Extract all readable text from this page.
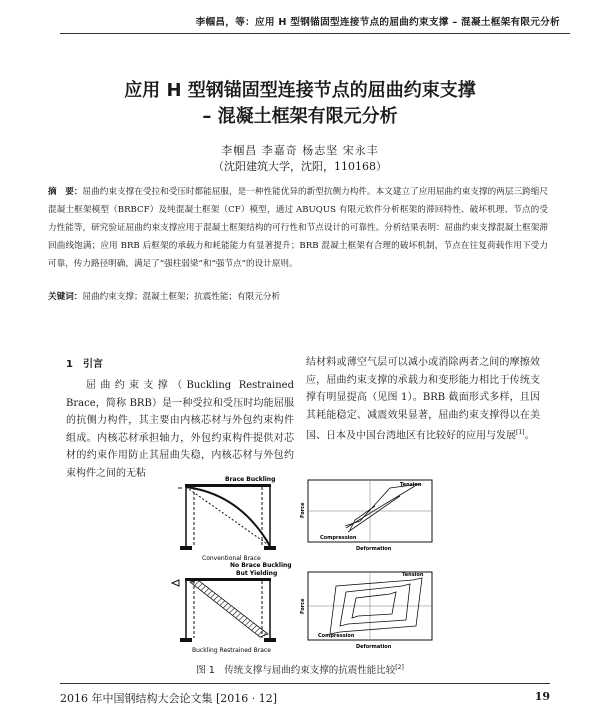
李帼昌，等：应用 H 型钢锚固型连接节点的屈曲约束支撑 – 混凝土框架有限元分析
应用 H 型钢锚固型连接节点的屈曲约束支撑
– 混凝土框架有限元分析
李帼昌 李嘉奇 杨志坚 宋永丰
（沈阳建筑大学，沈阳，110168）
摘　要：屈曲约束支撑在受拉和受压时都能屈服，是一种性能优异的新型抗侧力构件。本文建立了应用屈曲约束支撑的两层三跨缩尺混凝土框架模型（BRBCF）及纯混凝土框架（CF）模型，通过 ABUQUS 有限元软件分析框架的滞回特性、破坏机理、节点的受力性能等，研究验证屈曲约束支撑应用于混凝土框架结构的可行性和节点设计的可靠性。分析结果表明：屈曲约束支撑混凝土框架滞回曲线饱满；应用 BRB 后框架的承载力和耗能能力有显著提升；BRB 混凝土框架有合理的破坏机制，节点在往复荷载作用下受力可靠，传力路径明确，满足了“强柱弱梁”和“强节点”的设计原则。
关键词：屈曲约束支撑；混凝土框架；抗震性能；有限元分析
1　引言
屈曲约束支撑（Buckling Restrained Brace，简称 BRB）是一种受拉和受压时均能屈服的抗侧力构件，其主要由内核芯材与外包约束构件组成。内核芯材承担轴力，外包约束构件提供对芯材的约束作用防止其屈曲失稳，内核芯材与外包约束构件之间的无粘
结材料或薄空气层可以减小或消除两者之间的摩擦效应，屈曲约束支撑的承载力和变形能力相比于传统支撑有明显提高（见图 1）。BRB 截面形式多样，且因其耗能稳定、减震效果显著，屈曲约束支撑得以在美国、日本及中国台湾地区有比较好的应用与发展[1]。
Brace Buckling
Conventional Brace
Tension
Compression
Force
Deformation
No Brace Buckling
But Yielding
Buckling Restrained Brace
Tension
Compression
Force
Deformation
图 1　传统支撑与屈曲约束支撑的抗震性能比较[2]
2016 年中国钢结构大会论文集 [2016 · 12]	19
